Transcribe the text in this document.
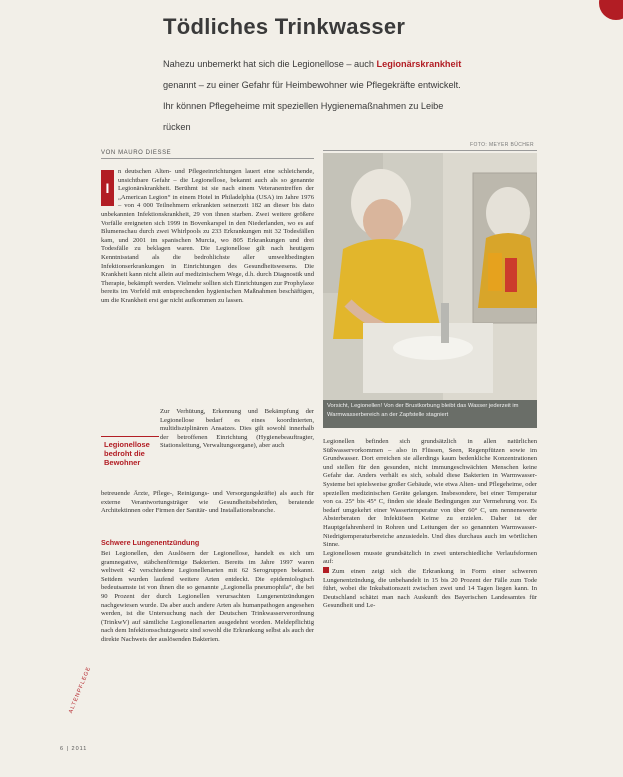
Tödliches Trinkwasser
Nahezu unbemerkt hat sich die Legionellose – auch Legionärskrankheit genannt – zu einer Gefahr für Heimbewohner wie Pflegekräfte entwickelt. Ihr können Pflegeheime mit speziellen Hygienemaßnahmen zu Leibe rücken
FOTO: MEYER BÜCHER
VON MAURO DIESSE
I
n deutschen Alten- und Pflegeeinrichtungen lauert eine schleichende, unsichtbare Gefahr – die Legionellose, bekannt auch als so genannte Legionärskrankheit. Berühmt ist sie nach einem Veteranentreffen der „American Legion“ in einem Hotel in Philadelphia (USA) im Jahre 1976 – von 4 000 Teilnehmern erkrankten seinerzeit 182 an dieser bis dato unbekannten Infektionskrankheit, 29 von ihnen starben. Zwei weitere größere Vorfälle ereigneten sich 1999 in Bovenkarspel in den Niederlanden, wo es auf Blumenschau durch zwei Whirlpools zu 233 Erkrankungen mit 32 Todesfällen kam, und 2001 im spanischen Murcia, wo 805 Erkrankungen und drei Todesfälle zu beklagen waren. Die Legionellose gilt nach heutigem Kenntnisstand als die bedrohlichste aller umweltbedingten Infektionserkrankungen in Einrichtungen des Gesundheitswesens. Die Krankheit kann nicht allein auf medizinischem Wege, d.h. durch Diagnostik und Therapie, bekämpft werden. Vielmehr sollten sich Einrichtungen zur Prophylaxe bereits im Vorfeld mit entsprechenden hygienischen Maßnahmen beschäftigen, um die Krankheit erst gar nicht aufkommen zu lassen.
Legionellose bedroht die Bewohner
Zur Verhütung, Erkennung und Bekämpfung der Legionellose bedarf es eines koordinierten, multidisziplinären Ansatzes. Dies gilt sowohl innerhalb der betroffenen Einrichtung (Hygienebeauftragter, Stationsleitung, Verwaltungsorgane), aber auch
betreuende Ärzte, Pflege-, Reinigungs- und Versorgungskräfte) als auch für externe Verantwortungsträger wie Gesundheitsbehörden, beratende Architektinnen oder Firmen der Sanitär- und Installationsbranche.
Schwere Lungenentzündung
Bei Legionellen, den Auslösern der Legionellose, handelt es sich um gramnegative, stäbchenförmige Bakterien. Bereits im Jahre 1997 waren weltweit 42 verschiedene Legionellenarten mit 62 Serogruppen bekannt. Seitdem wurden laufend weitere Arten entdeckt. Die epidemiologisch bedeutsamste ist von ihnen die so genannte „Legionella pneumophila“, die bei 90 Prozent der durch Legionellen verursachten Lungenentzündungen nachgewiesen wurde. Da aber auch andere Arten als humanpathogen angesehen werden, ist die Untersuchung nach der Deutschen Trinkwasserverordnung (TrinkwV) auf sämtliche Legionellenarten ausgedehnt worden. Meldepflichtig nach dem Infektionsschutzgesetz sind sowohl die Erkrankung selbst als auch der direkte Nachweis der auslösenden Bakterien.
Vorsicht, Legionellen! Von der Brustkorbung bleibt das Wasser jederzeit im Warmwasserbereich an der Zapfstelle stagniert
Legionellen befinden sich grundsätzlich in allen natürlichen Süßwasservorkommen – also in Flüssen, Seen, Regenpfützen sowie im Grundwasser. Dort erreichen sie allerdings kaum bedenkliche Konzentrationen und stellen für den gesunden, nicht immungeschwächten Menschen keine Gefahr dar. Anders verhält es sich, sobald diese Bakterien in Warmwasser-Systeme bei spielsweise großer Gebäude, wie etwa Alten- und Pflegeheime, oder speziellen medizinischen Geräte gelangen. Insbesondere, bei einer Temperatur von ca. 25° bis 45° C, finden sie ideale Bedingungen zur Vermehrung vor. Es bedarf umgekehrt einer Wassertemperatur von über 60° C, um nennenswerte Absterberaten der Infektiösen Keime zu erzielen. Daher ist der Hauptgefahrenherd in Rohren und Leitungen der so genannten Warmwasser-Niedrigtemperaturbereiche anzusiedeln. Und dies durchaus auch im wörtlichen Sinne.
Legionellosen musste grundsätzlich in zwei unterschiedliche Verlaufsformen auf:
Zum einen zeigt sich die Erkrankung in Form einer schweren Lungenentzündung, die unbehandelt in 15 bis 20 Prozent der Fälle zum Tode führt, wobei die Inkubationszeit zwischen zwei und 14 Tagen liegen kann. In Deutschland schätzt man nach Auskunft des Bayerischen Landesamtes für Gesundheit und Le-
ALTENPFLEGE
6 | 2011
